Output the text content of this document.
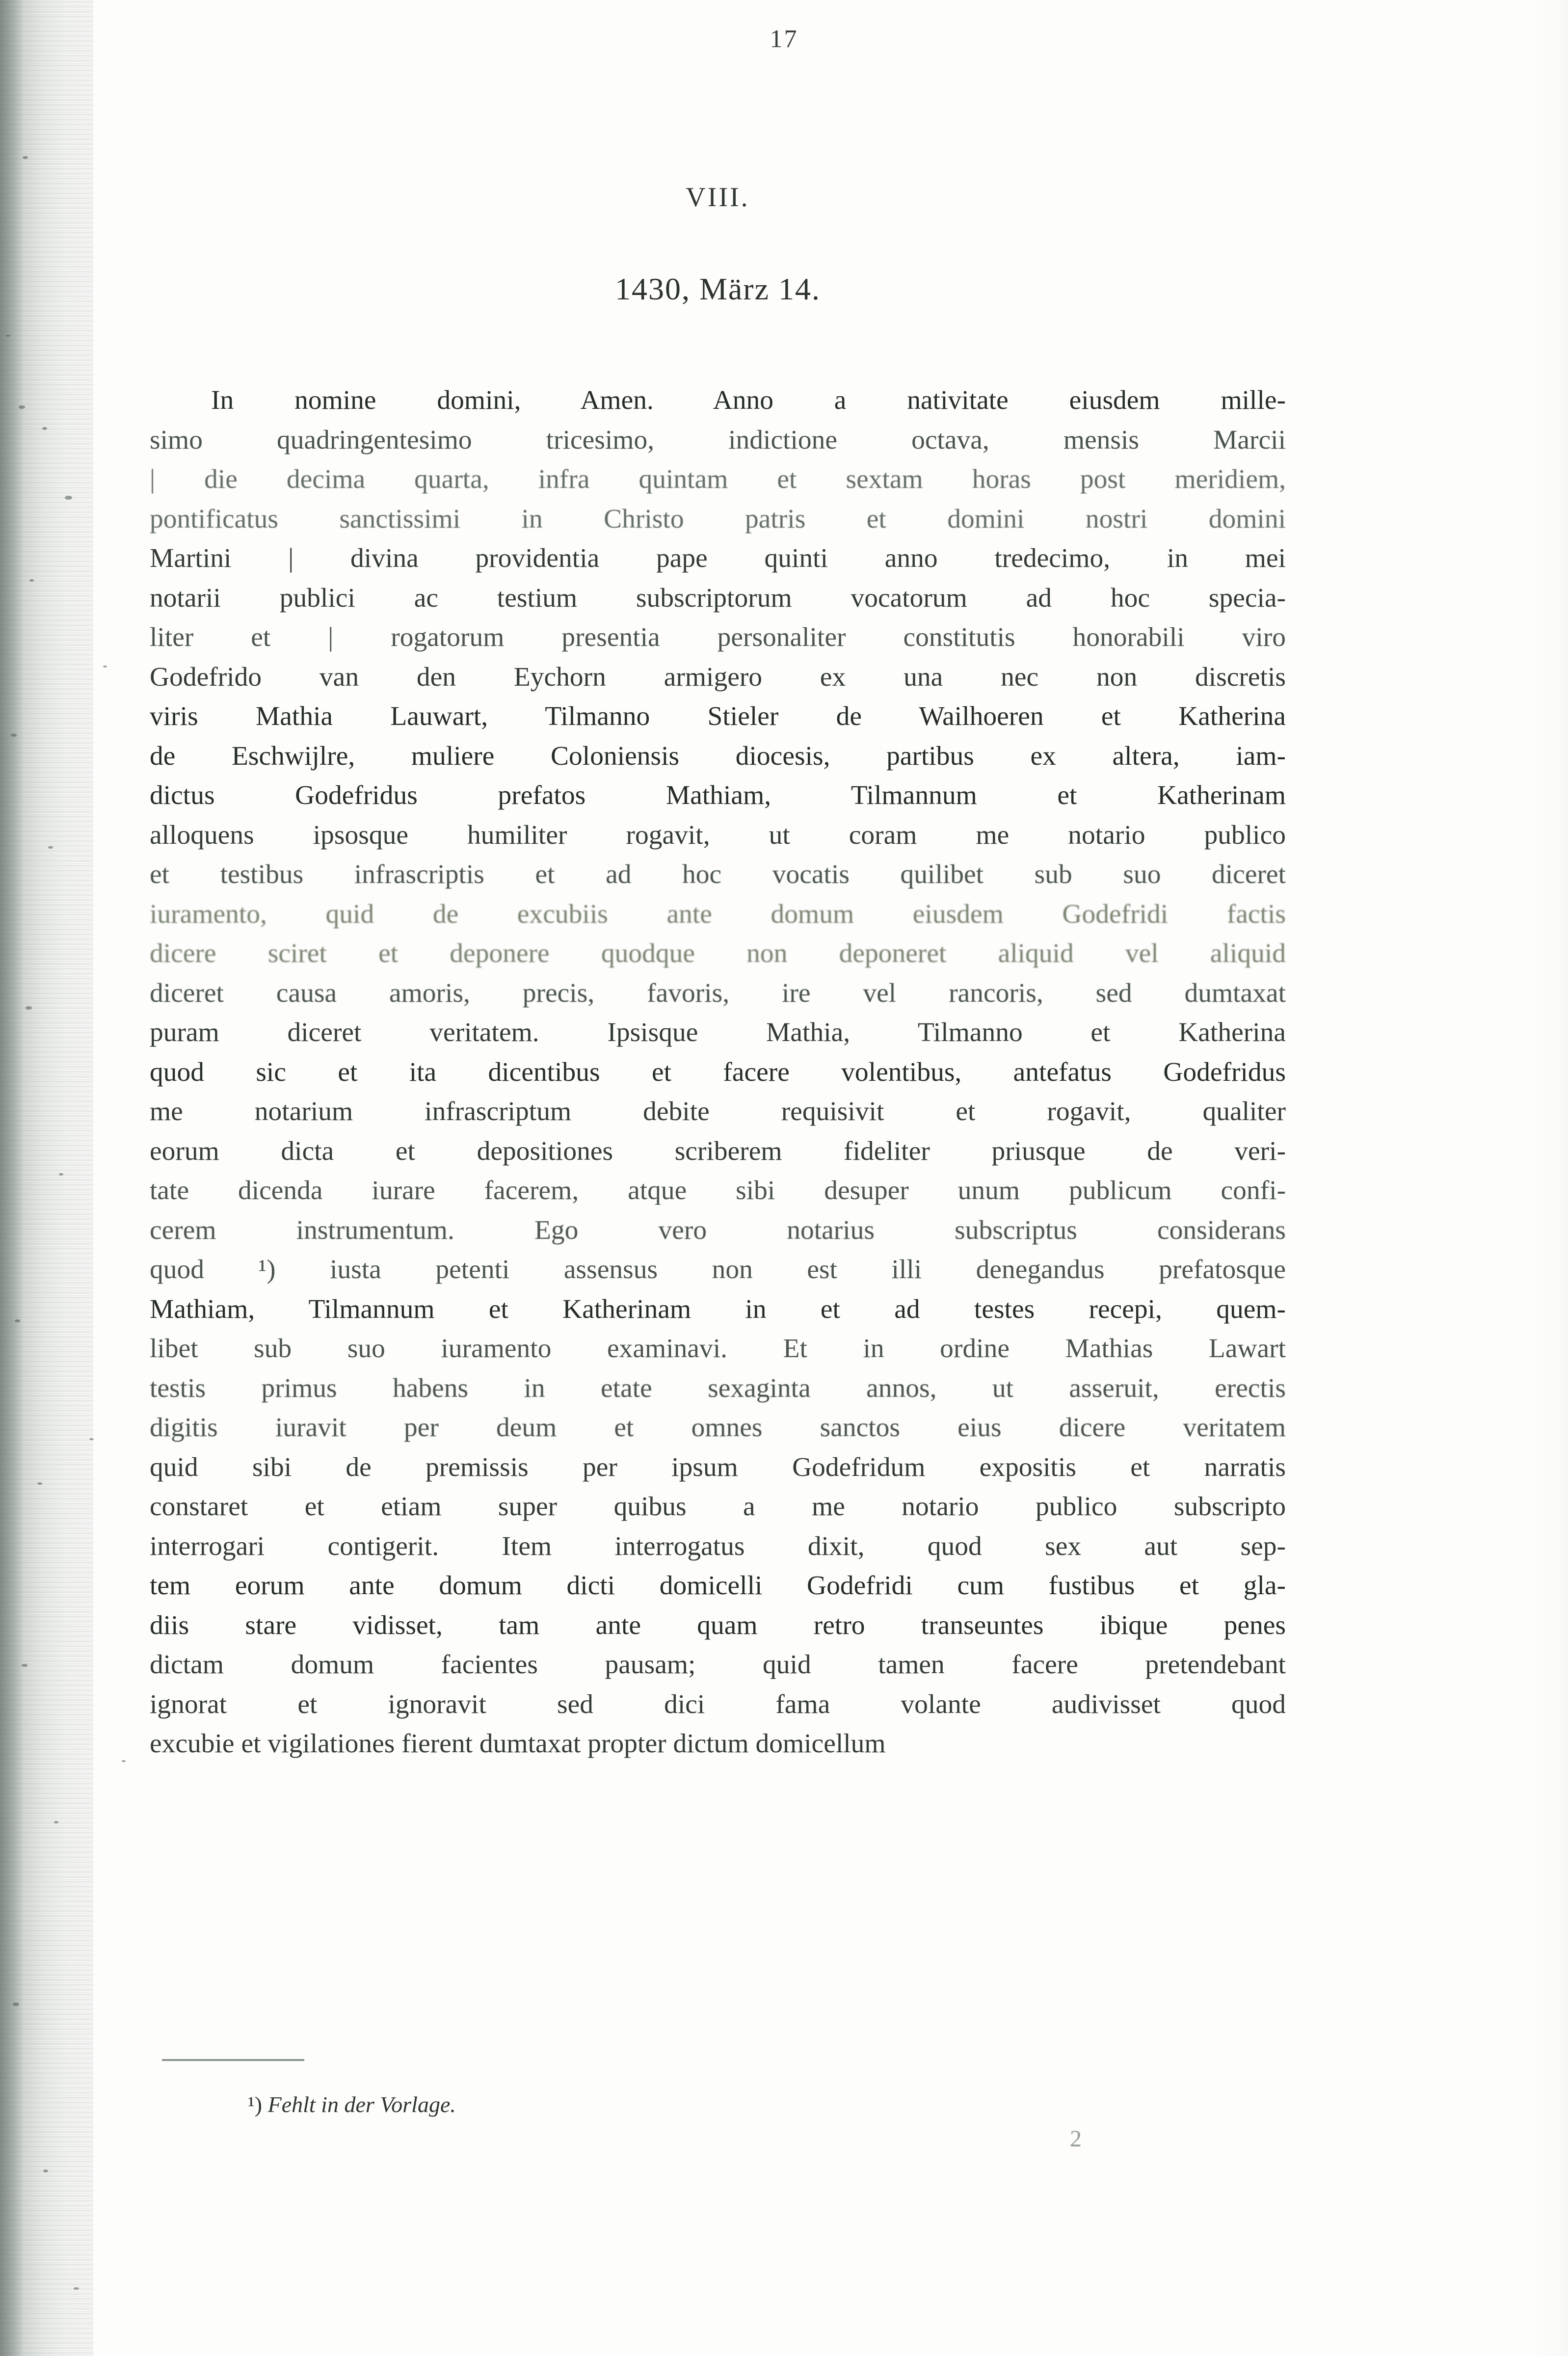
17
VIII.
1430, März 14.
In nomine domini, Amen. Anno a nativitate eiusdem mille-
simo quadringentesimo tricesimo, indictione octava, mensis Marcii
| die decima quarta, infra quintam et sextam horas post meridiem,
pontificatus sanctissimi in Christo patris et domini nostri domini
Martini | divina providentia pape quinti anno tredecimo, in mei
notarii publici ac testium subscriptorum vocatorum ad hoc specia-
liter et | rogatorum presentia personaliter constitutis honorabili viro
Godefrido van den Eychorn armigero ex una nec non discretis
viris Mathia Lauwart, Tilmanno Stieler de Wailhoeren et Katherina
de Eschwijlre, muliere Coloniensis diocesis, partibus ex altera, iam-
dictus Godefridus prefatos Mathiam, Tilmannum et Katherinam
alloquens ipsosque humiliter rogavit, ut coram me notario publico
et testibus infrascriptis et ad hoc vocatis quilibet sub suo diceret
iuramento, quid de excubiis ante domum eiusdem Godefridi factis
dicere sciret et deponere quodque non deponeret aliquid vel aliquid
diceret causa amoris, precis, favoris, ire vel rancoris, sed dumtaxat
puram diceret veritatem. Ipsisque Mathia, Tilmanno et Katherina
quod sic et ita dicentibus et facere volentibus, antefatus Godefridus
me notarium infrascriptum debite requisivit et rogavit, qualiter
eorum dicta et depositiones scriberem fideliter priusque de veri-
tate dicenda iurare facerem, atque sibi desuper unum publicum confi-
cerem instrumentum. Ego vero notarius subscriptus considerans
quod ¹) iusta petenti assensus non est illi denegandus prefatosque
Mathiam, Tilmannum et Katherinam in et ad testes recepi, quem-
libet sub suo iuramento examinavi. Et in ordine Mathias Lawart
testis primus habens in etate sexaginta annos, ut asseruit, erectis
digitis iuravit per deum et omnes sanctos eius dicere veritatem
quid sibi de premissis per ipsum Godefridum expositis et narratis
constaret et etiam super quibus a me notario publico subscripto
interrogari contigerit. Item interrogatus dixit, quod sex aut sep-
tem eorum ante domum dicti domicelli Godefridi cum fustibus et gla-
diis stare vidisset, tam ante quam retro transeuntes ibique penes
dictam domum facientes pausam; quid tamen facere pretendebant
ignorat et ignoravit sed dici fama volante audivisset quod
excubie et vigilationes fierent dumtaxat propter dictum domicellum
¹) Fehlt in der Vorlage.
2
